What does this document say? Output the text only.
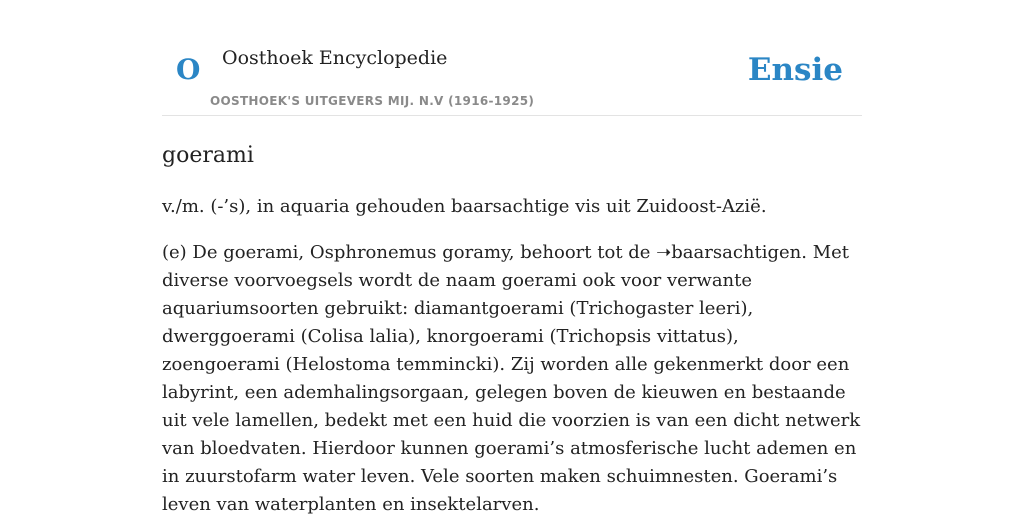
O Oosthoek Encyclopedie
OOSTHOEK'S UITGEVERS MIJ. N.V (1916-1925)
Ensie
goerami

v./m. (-’s), in aquaria gehouden baarsachtige vis uit Zuidoost-Azië.

(e) De goerami, Osphronemus goramy, behoort tot de ➝baarsachtigen. Met diverse voorvoegsels wordt de naam goerami ook voor verwante aquariumsoorten gebruikt: diamantgoerami (Trichogaster leeri), dwerggoerami (Colisa lalia), knorgoerami (Trichopsis vittatus), zoengoerami (Helostoma temmincki). Zij worden alle gekenmerkt door een labyrint, een ademhalingsorgaan, gelegen boven de kieuwen en bestaande uit vele lamellen, bedekt met een huid die voorzien is van een dicht netwerk van bloedvaten. Hierdoor kunnen goerami’s atmosferische lucht ademen en in zuurstofarm water leven. Vele soorten maken schuimnesten. Goerami’s leven van waterplanten en insektelarven.
